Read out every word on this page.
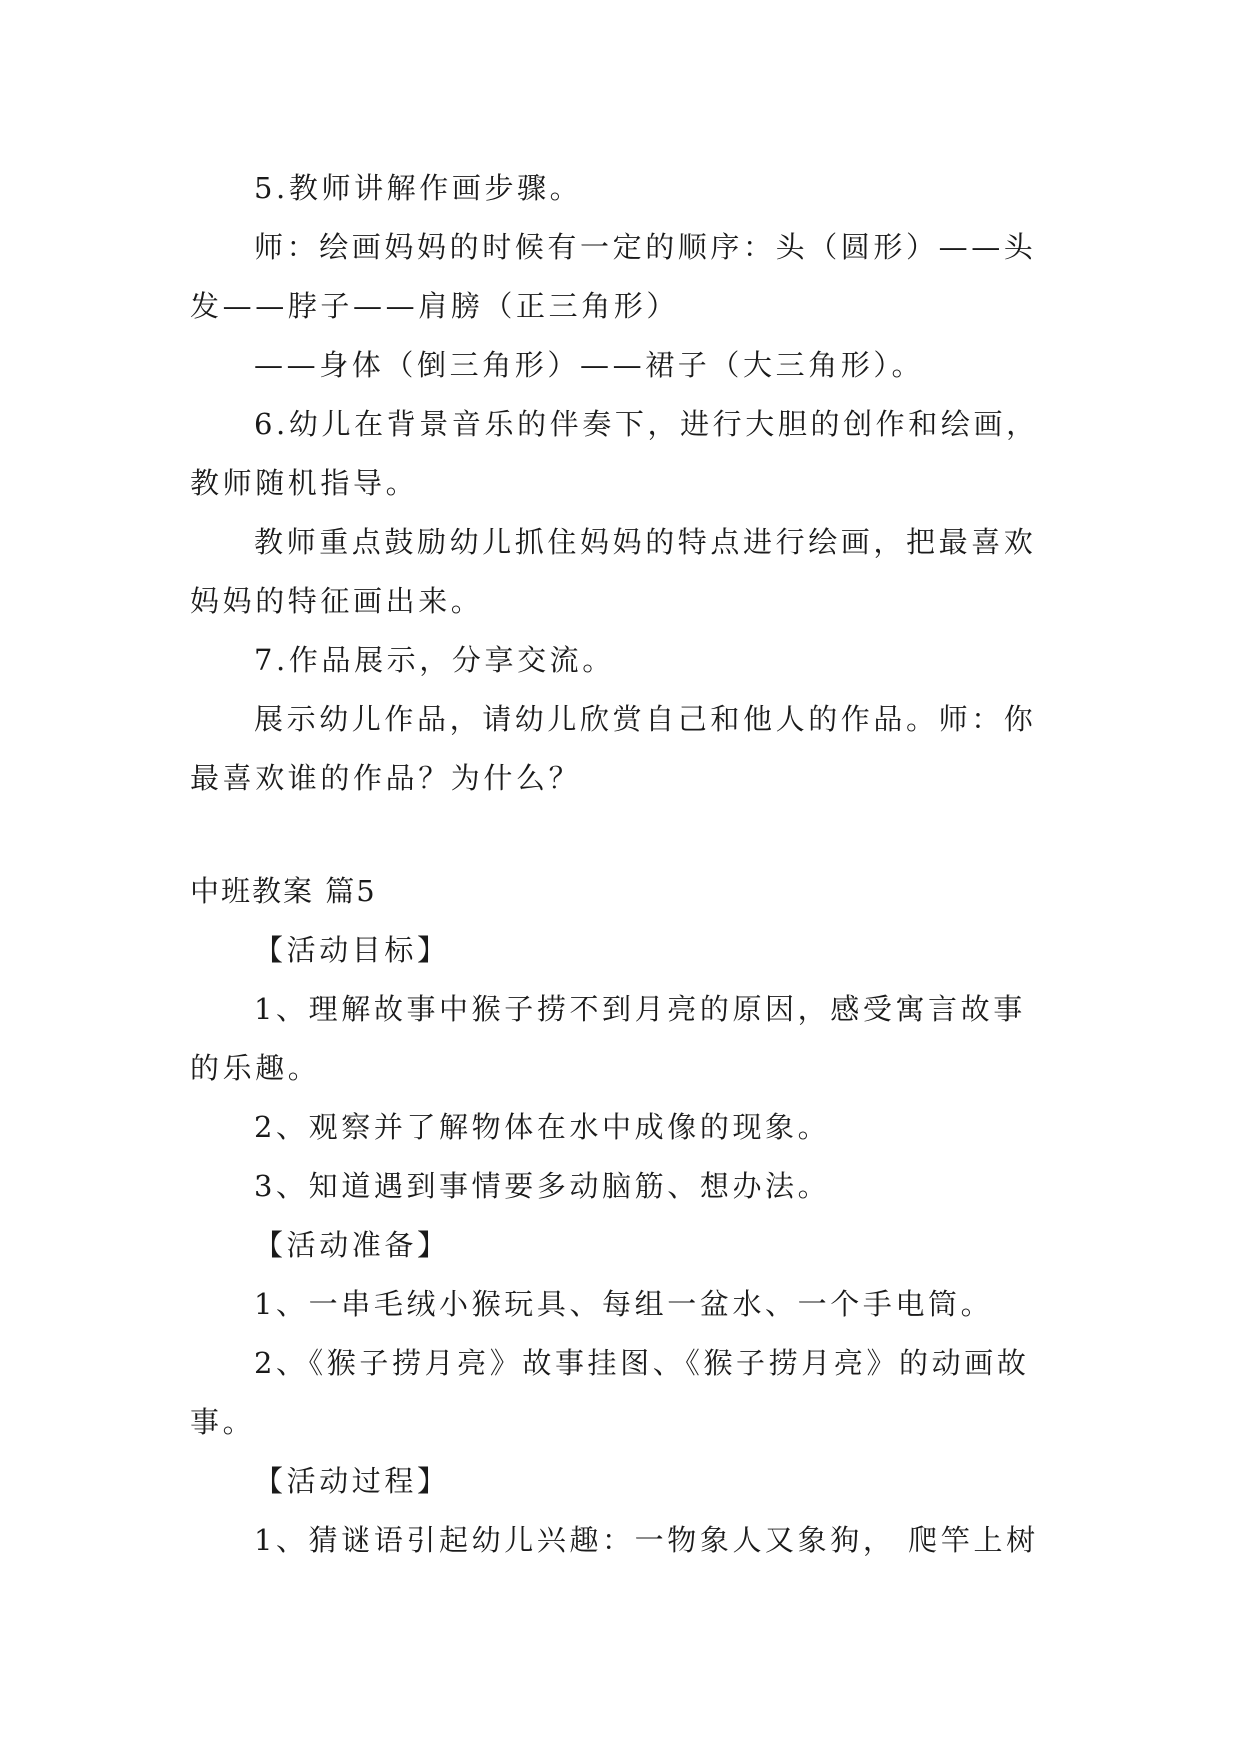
5.教师讲解作画步骤。

师：绘画妈妈的时候有一定的顺序：头（圆形）——头

发——脖子——肩膀（正三角形）

——身体（倒三角形）——裙子（大三角形）。

6.幼儿在背景音乐的伴奏下，进行大胆的创作和绘画，

教师随机指导。

教师重点鼓励幼儿抓住妈妈的特点进行绘画，把最喜欢

妈妈的特征画出来。

7.作品展示，分享交流。

展示幼儿作品，请幼儿欣赏自己和他人的作品。师：你

最喜欢谁的作品？为什么？

中班教案 篇5

【活动目标】

1、理解故事中猴子捞不到月亮的原因，感受寓言故事

的乐趣。

2、观察并了解物体在水中成像的现象。

3、知道遇到事情要多动脑筋、想办法。

【活动准备】

1、一串毛绒小猴玩具、每组一盆水、一个手电筒。

2、《猴子捞月亮》故事挂图、《猴子捞月亮》的动画故

事。

【活动过程】

1、猜谜语引起幼儿兴趣：一物象人又象狗， 爬竿上树
